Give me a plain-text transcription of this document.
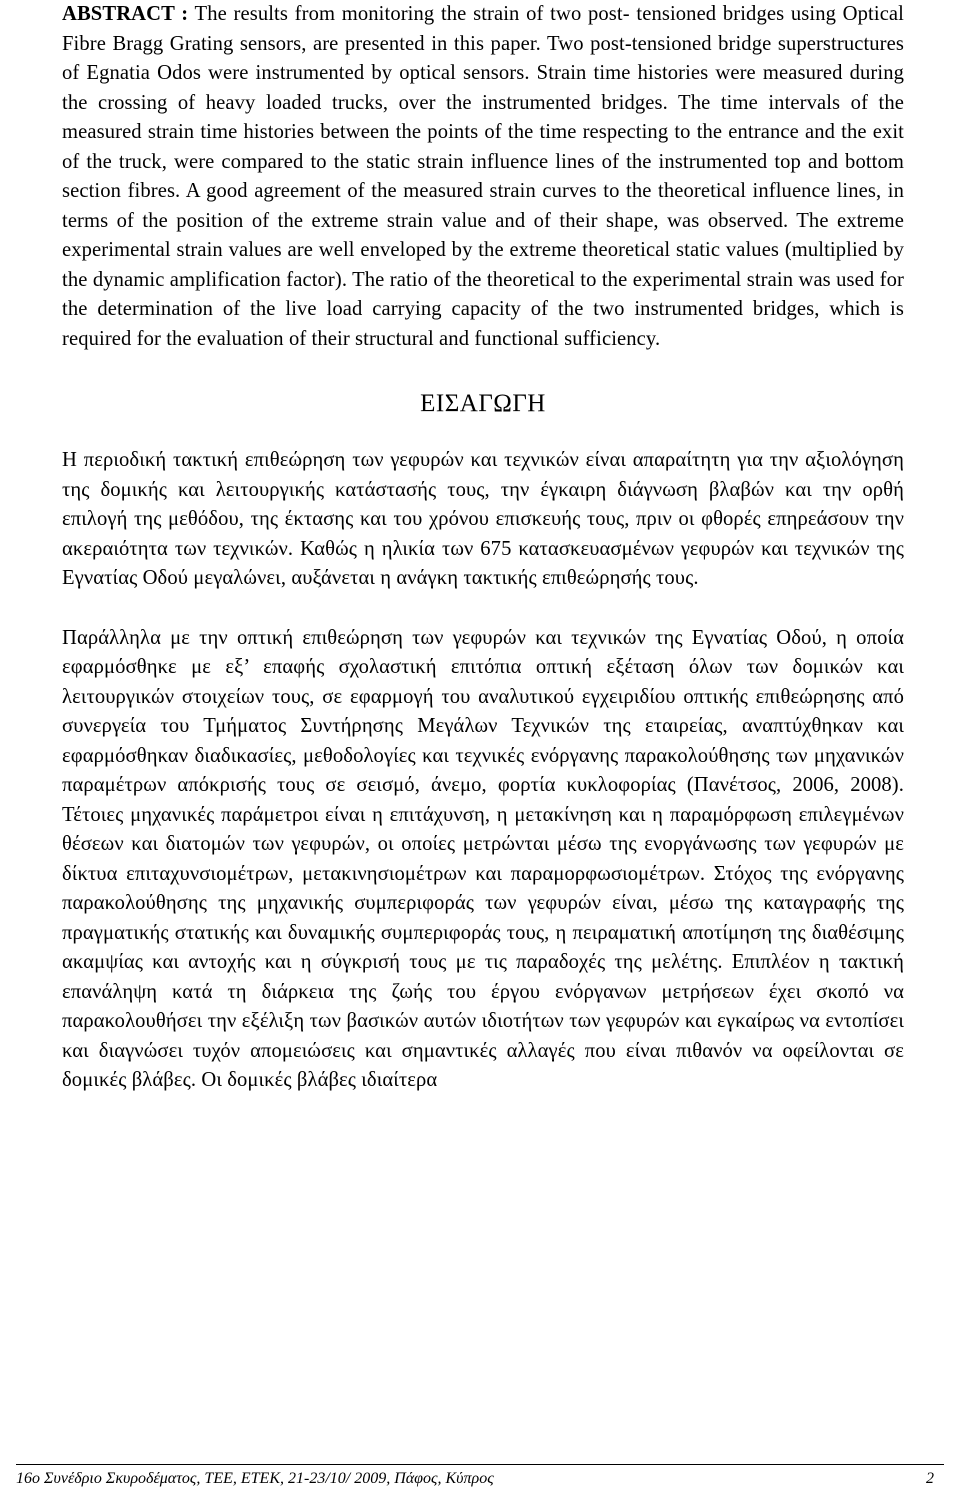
ABSTRACT : The results from monitoring the strain of two post- tensioned bridges using Optical Fibre Bragg Grating sensors, are presented in this paper. Two post-tensioned bridge superstructures of Egnatia Odos were instrumented by optical sensors. Strain time histories were measured during the crossing of heavy loaded trucks, over the instrumented bridges. The time intervals of the measured strain time histories between the points of the time respecting to the entrance and the exit of the truck, were compared to the static strain influence lines of the instrumented top and bottom section fibres. A good agreement of the measured strain curves to the theoretical influence lines, in terms of the position of the extreme strain value and of their shape, was observed. The extreme experimental strain values are well enveloped by the extreme theoretical static values (multiplied by the dynamic amplification factor). The ratio of the theoretical to the experimental strain was used for the determination of the live load carrying capacity of the two instrumented bridges, which is required for the evaluation of their structural and functional sufficiency.

ΕΙΣΑΓΩΓΗ

Η περιοδική τακτική επιθεώρηση των γεφυρών και τεχνικών είναι απαραίτητη για την αξιολόγηση της δομικής και λειτουργικής κατάστασής τους, την έγκαιρη διάγνωση βλαβών και την ορθή επιλογή της μεθόδου, της έκτασης και του χρόνου επισκευής τους, πριν οι φθορές επηρεάσουν την ακεραιότητα των τεχνικών. Καθώς η ηλικία των 675 κατασκευασμένων γεφυρών και τεχνικών της Εγνατίας Οδού μεγαλώνει, αυξάνεται η ανάγκη τακτικής επιθεώρησής τους.

Παράλληλα με την οπτική επιθεώρηση των γεφυρών και τεχνικών της Εγνατίας Οδού, η οποία εφαρμόσθηκε με εξ’ επαφής σχολαστική επιτόπια οπτική εξέταση όλων των δομικών και λειτουργικών στοιχείων τους, σε εφαρμογή του αναλυτικού εγχειριδίου οπτικής επιθεώρησης από συνεργεία του Τμήματος Συντήρησης Μεγάλων Τεχνικών της εταιρείας, αναπτύχθηκαν και εφαρμόσθηκαν διαδικασίες, μεθοδολογίες και τεχνικές ενόργανης παρακολούθησης των μηχανικών παραμέτρων απόκρισής τους σε σεισμό, άνεμο, φορτία κυκλοφορίας (Πανέτσος, 2006, 2008). Τέτοιες μηχανικές παράμετροι είναι η επιτάχυνση, η μετακίνηση και η παραμόρφωση επιλεγμένων θέσεων και διατομών των γεφυρών, οι οποίες μετρώνται μέσω της ενοργάνωσης των γεφυρών με δίκτυα επιταχυνσιομέτρων, μετακινησιομέτρων και παραμορφωσιομέτρων. Στόχος της ενόργανης παρακολούθησης της μηχανικής συμπεριφοράς των γεφυρών είναι, μέσω της καταγραφής της πραγματικής στατικής και δυναμικής συμπεριφοράς τους, η πειραματική αποτίμηση της διαθέσιμης ακαμψίας και αντοχής και η σύγκρισή τους με τις παραδοχές της μελέτης. Επιπλέον η τακτική επανάληψη κατά τη διάρκεια της ζωής του έργου ενόργανων μετρήσεων έχει σκοπό να παρακολουθήσει την εξέλιξη των βασικών αυτών ιδιοτήτων των γεφυρών και εγκαίρως να εντοπίσει και διαγνώσει τυχόν απομειώσεις και σημαντικές αλλαγές που είναι πιθανόν να οφείλονται σε δομικές βλάβες. Οι δομικές βλάβες ιδιαίτερα

16ο Συνέδριο Σκυροδέματος, ΤΕΕ, ΕΤΕΚ, 21-23/10/ 2009, Πάφος, Κύπρος	2
